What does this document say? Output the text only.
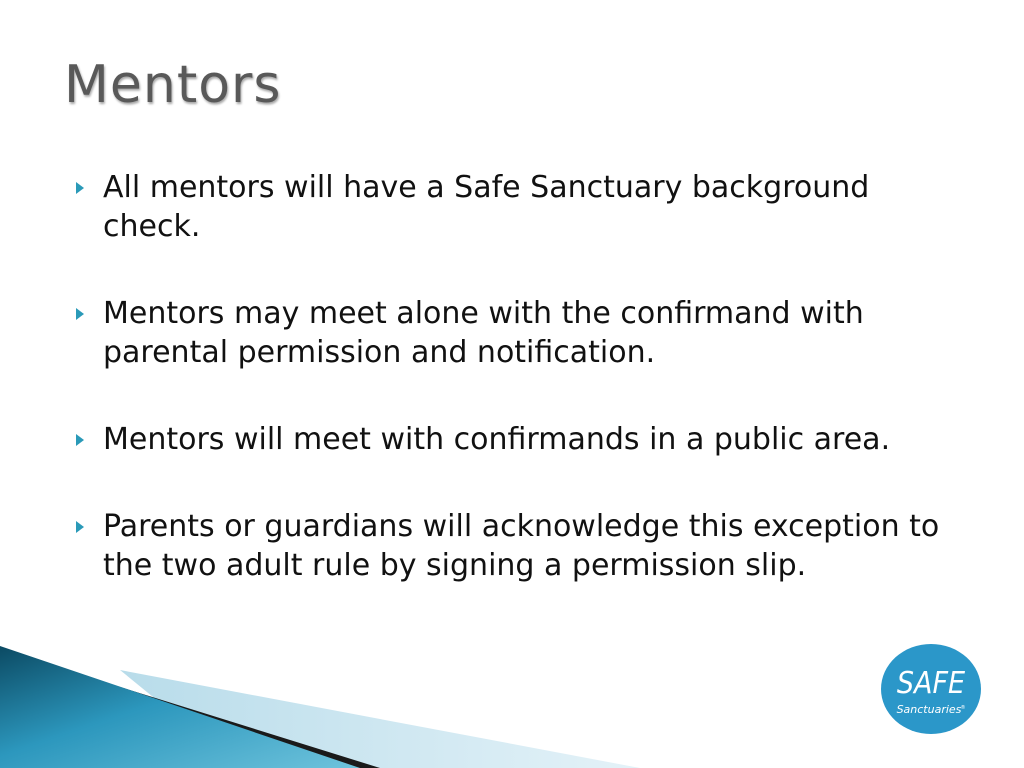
Mentors
All mentors will have a Safe Sanctuary background check.
Mentors may meet alone with the confirmand with parental permission and notification.
Mentors will meet with confirmands in a public area.
Parents or guardians will acknowledge this exception to the two adult rule by signing a permission slip.
SAFE
Sanctuaries ®
